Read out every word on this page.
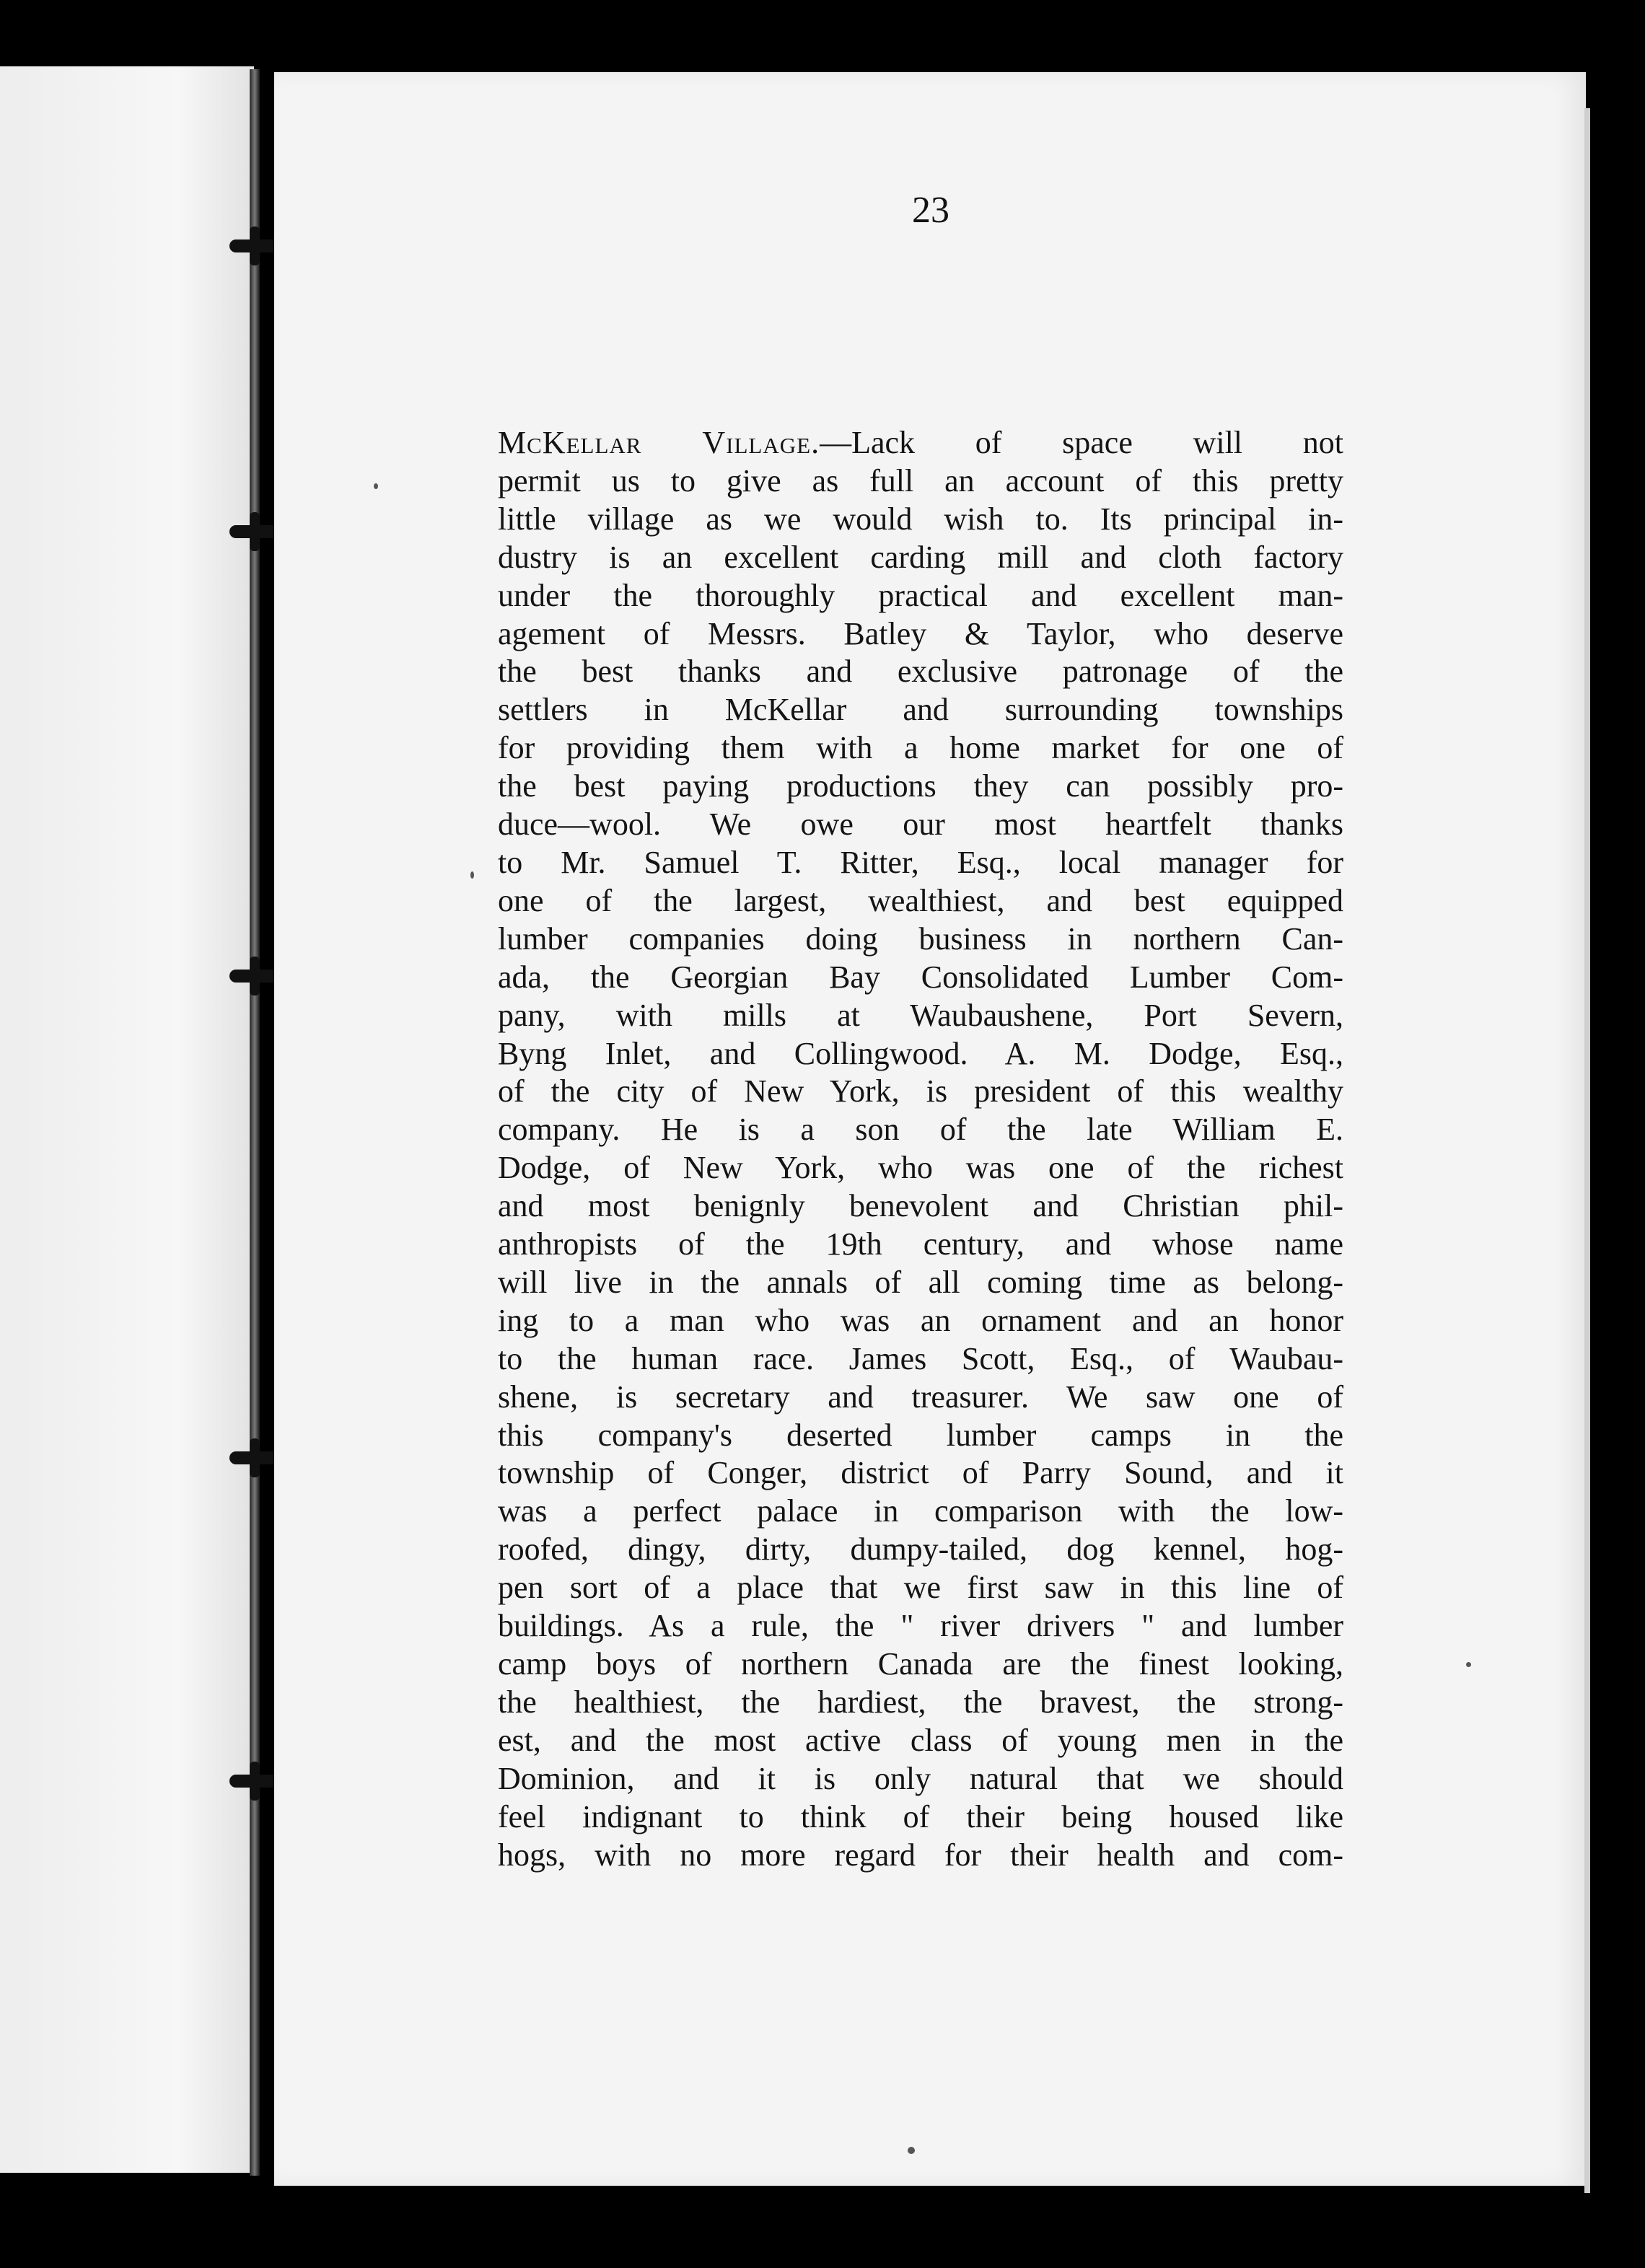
23
McKellar Village.—Lack of space will not
permit us to give as full an account of this pretty
little village as we would wish to. Its principal in-
dustry is an excellent carding mill and cloth factory
under the thoroughly practical and excellent man-
agement of Messrs. Batley & Taylor, who deserve
the best thanks and exclusive patronage of the
settlers in McKellar and surrounding townships
for providing them with a home market for one of
the best paying productions they can possibly pro-
duce—wool. We owe our most heartfelt thanks
to Mr. Samuel T. Ritter, Esq., local manager for
one of the largest, wealthiest, and best equipped
lumber companies doing business in northern Can-
ada, the Georgian Bay Consolidated Lumber Com-
pany, with mills at Waubaushene, Port Severn,
Byng Inlet, and Collingwood. A. M. Dodge, Esq.,
of the city of New York, is president of this wealthy
company. He is a son of the late William E.
Dodge, of New York, who was one of the richest
and most benignly benevolent and Christian phil-
anthropists of the 19th century, and whose name
will live in the annals of all coming time as belong-
ing to a man who was an ornament and an honor
to the human race. James Scott, Esq., of Waubau-
shene, is secretary and treasurer. We saw one of
this company's deserted lumber camps in the
township of Conger, district of Parry Sound, and it
was a perfect palace in comparison with the low-
roofed, dingy, dirty, dumpy-tailed, dog kennel, hog-
pen sort of a place that we first saw in this line of
buildings. As a rule, the " river drivers " and lumber
camp boys of northern Canada are the finest looking,
the healthiest, the hardiest, the bravest, the strong-
est, and the most active class of young men in the
Dominion, and it is only natural that we should
feel indignant to think of their being housed like
hogs, with no more regard for their health and com-
